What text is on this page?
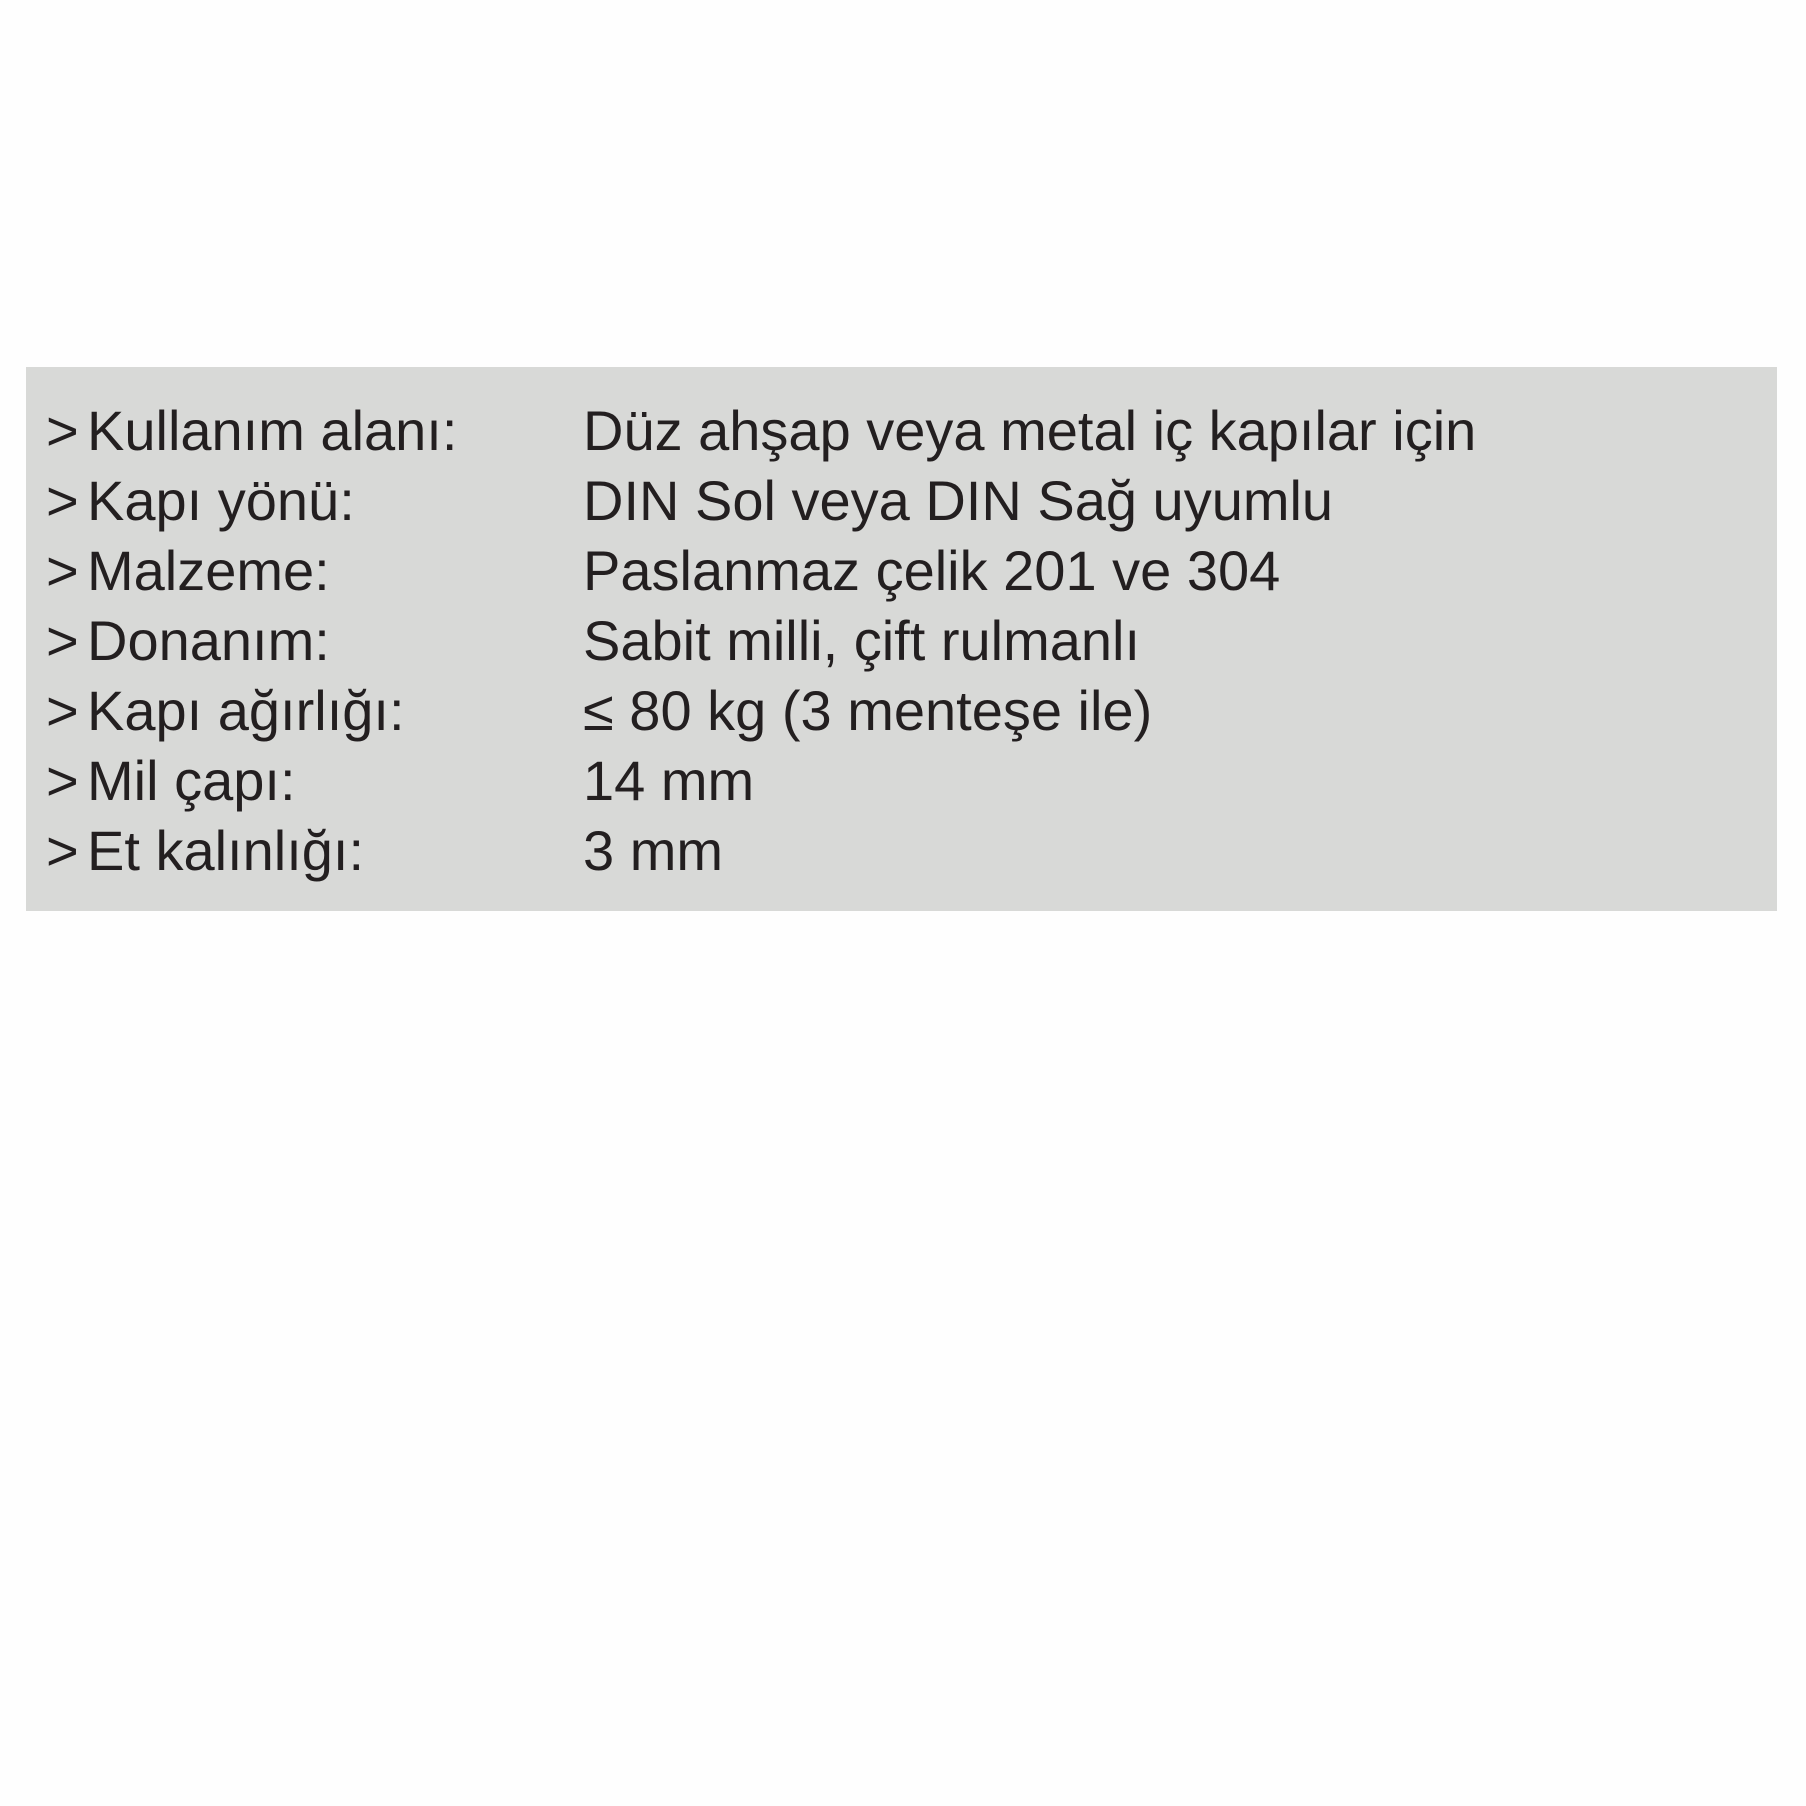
> Kullanım alanı: Düz ahşap veya metal iç kapılar için
> Kapı yönü:	DIN Sol veya DIN Sağ uyumlu
> Malzeme:	Paslanmaz çelik 201 ve 304
> Donanım:	Sabit milli, çift rulmanlı
> Kapı ağırlığı:	≤ 80 kg (3 menteşe ile)
> Mil çapı:	14 mm
> Et kalınlığı:	3 mm
